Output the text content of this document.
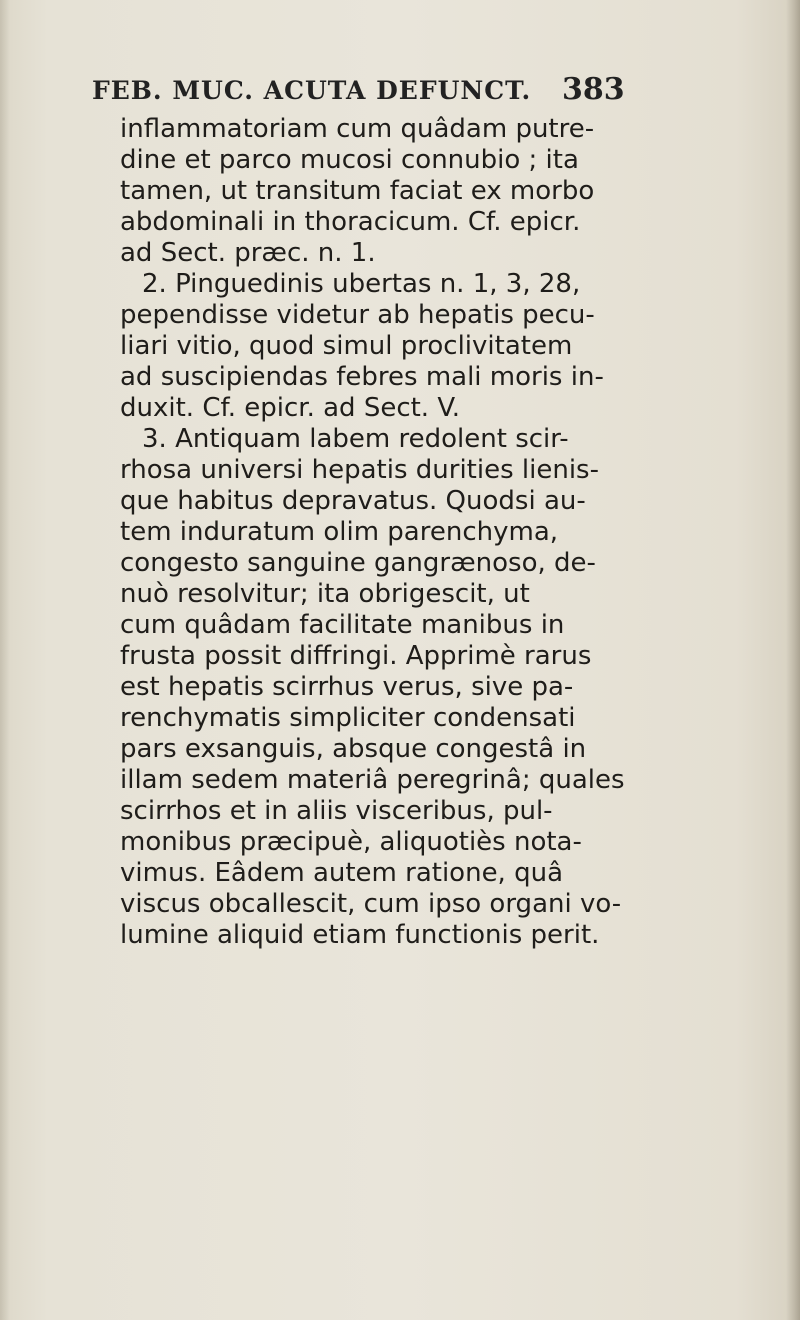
FEB. MUC. ACUTA DEFUNCT. 383
inflammatoriam cum quâdam putre-
dine et parco mucosi connubio ; ita
tamen, ut transitum faciat ex morbo
abdominali in thoracicum. Cf. epicr.
ad Sect. præc. n. 1.
2. Pinguedinis ubertas n. 1, 3, 28,
pependisse videtur ab hepatis pecu-
liari vitio, quod simul proclivitatem
ad suscipiendas febres mali moris in-
duxit. Cf. epicr. ad Sect. V.
3. Antiquam labem redolent scir-
rhosa universi hepatis durities lienis-
que habitus depravatus. Quodsi au-
tem induratum olim parenchyma,
congesto sanguine gangrænoso, de-
nuò resolvitur; ita obrigescit, ut
cum quâdam facilitate manibus in
frusta possit diffringi. Apprimè rarus
est hepatis scirrhus verus, sive pa-
renchymatis simpliciter condensati
pars exsanguis, absque congestâ in
illam sedem materiâ peregrinâ; quales
scirrhos et in aliis visceribus, pul-
monibus præcipuè, aliquotiès nota-
vimus. Eâdem autem ratione, quâ
viscus obcallescit, cum ipso organi vo-
lumine aliquid etiam functionis perit.
